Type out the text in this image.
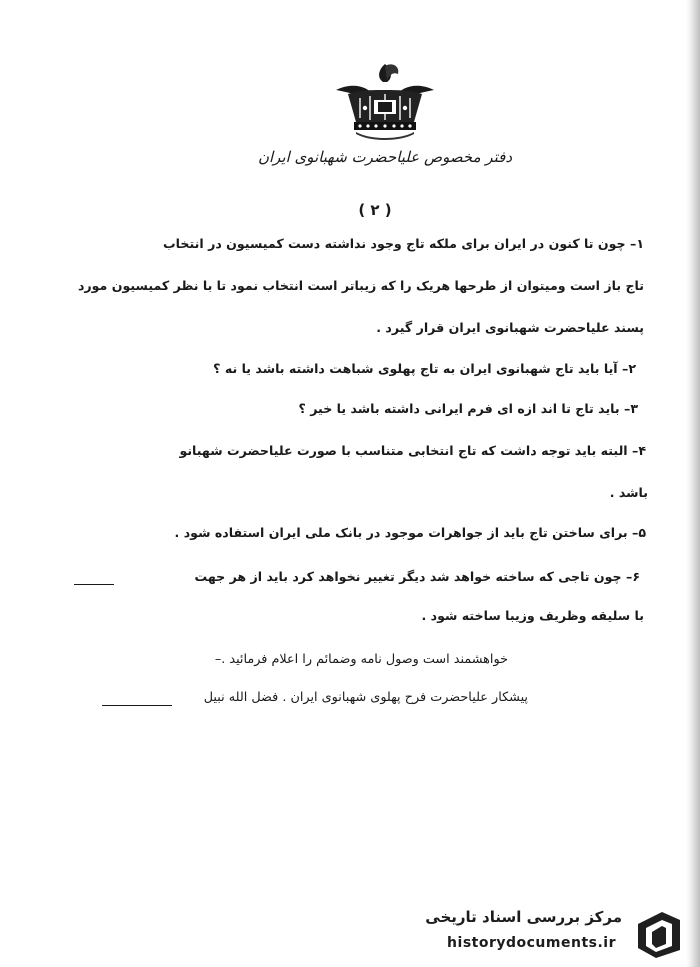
دفتر مخصوص علیاحضرت شهبانوی ایران
( ۲ )
۱– چون تا کنون در ایران برای ملکه تاج وجود نداشته دست کمیسیون در انتخاب
تاج باز است ومیتوان از طرحها هریک را که زیباتر است انتخاب نمود تا با نظر کمیسیون مورد
پسند علیاحضرت شهبانوی ایران قرار گیرد .
۲– آیا باید تاج شهبانوی ایران به تاج پهلوی شباهت داشته باشد یا نه ؟
۳– باید تاج تا اند ازه ای فرم ایرانی داشته باشد یا خیر ؟
۴– البته باید توجه داشت که تاج انتخابی متناسب با صورت علیاحضرت شهبانو
باشد .
۵– برای ساختن تاج باید از جواهرات موجود در بانک ملی ایران استفاده شود .
۶– چون تاجی که ساخته خواهد شد دیگر تغییر نخواهد کرد باید از هر جهت
با سلیقه وظریف وزیبا ساخته شود .
خواهشمند است وصول نامه وضمائم را اعلام فرمائید .–
پیشکار علیاحضرت فرح پهلوی شهبانوی ایران . فضل الله نبیل
مرکز بررسی اسناد تاریخی
historydocuments.ir
